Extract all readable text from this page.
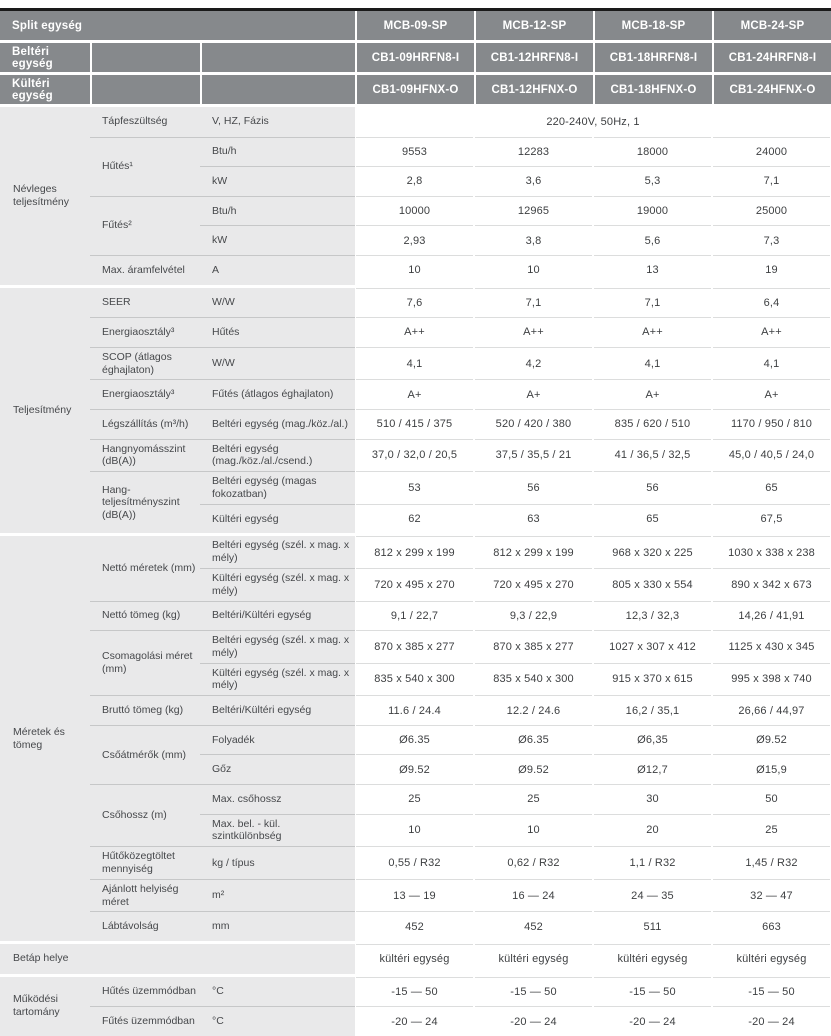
Split egység	MCB-09-SP	MCB-12-SP	MCB-18-SP	MCB-24-SP
Beltéri egység	CB1-09HRFN8-I	CB1-12HRFN8-I	CB1-18HRFN8-I	CB1-24HRFN8-I
Kültéri egység	CB1-09HFNX-O	CB1-12HFNX-O	CB1-18HFNX-O	CB1-24HFNX-O
Névleges teljesítmény
Tápfeszültség	V, HZ, Fázis	220-240V, 50Hz, 1
Hűtés¹
Btu/h	9553	12283	18000	24000
kW	2,8	3,6	5,3	7,1
Fűtés²
Btu/h	10000	12965	19000	25000
kW	2,93	3,8	5,6	7,3
Max. áramfelvétel	A	10	10	13	19
Teljesítmény
SEER	W/W	7,6	7,1	7,1	6,4
Energiaosztály³	Hűtés	A++	A++	A++	A++
SCOP (átlagos éghajlaton)
W/W	4,1	4,2	4,1	4,1
Energiaosztály³	Fűtés (átlagos éghajlaton)	A+	A+	A+	A+
Légszállítás (m³/h)	Beltéri egység (mag./köz./al.)	510 / 415 / 375	520 / 420 / 380	835 / 620 / 510	1170 / 950 / 810
Hangnyomásszint (dB(A))
Beltéri egység (mag./köz./al./csend.)	37,0 / 32,0 / 20,5	37,5 / 35,5 / 21	41 / 36,5 / 32,5	45,0 / 40,5 / 24,0
Hang-teljesítményszint (dB(A))
Beltéri egység (magas fokozatban)	53	56	56	65
Kültéri egység	62	63	65	67,5
Méretek és tömeg
Nettó méretek (mm)
Beltéri egység (szél. x mag. x mély)	812 x 299 x 199	812 x 299 x 199	968 x 320 x 225	1030 x 338 x 238
Kültéri egység (szél. x mag. x mély)	720 x 495 x 270	720 x 495 x 270	805 x 330 x 554	890 x 342 x 673
Nettó tömeg (kg)	Beltéri/Kültéri egység	9,1 / 22,7	9,3 / 22,9	12,3 / 32,3	14,26 / 41,91
Csomagolási méret (mm)
Beltéri egység (szél. x mag. x mély)	870 x 385 x 277	870 x 385 x 277	1027 x 307 x 412	1125 x 430 x 345
Kültéri egység (szél. x mag. x mély)	835 x 540 x 300	835 x 540 x 300	915 x 370 x 615	995 x 398 x 740
Bruttó tömeg (kg)	Beltéri/Kültéri egység	11.6 / 24.4	12.2 / 24.6	16,2 / 35,1	26,66 / 44,97
Csőátmérők (mm)
Folyadék	Ø6.35	Ø6.35	Ø6,35	Ø9.52
Gőz	Ø9.52	Ø9.52	Ø12,7	Ø15,9
Csőhossz (m)
Max. csőhossz	25	25	30	50
Max. bel. - kül. szintkülönbség	10	10	20	25
Hűtőközegtöltet mennyiség
kg / típus	0,55 / R32	0,62 / R32	1,1 / R32	1,45 / R32
Ajánlott helyiség méret
m²	13 — 19	16 — 24	24 — 35	32 — 47
Lábtávolság	mm	452	452	511	663
Betáp helye	kültéri egység	kültéri egység	kültéri egység	kültéri egység
Működési tartomány
Hűtés üzemmódban	°C	-15 — 50	-15 — 50	-15 — 50	-15 — 50
Fűtés üzemmódban	°C	-20 — 24	-20 — 24	-20 — 24	-20 — 24
